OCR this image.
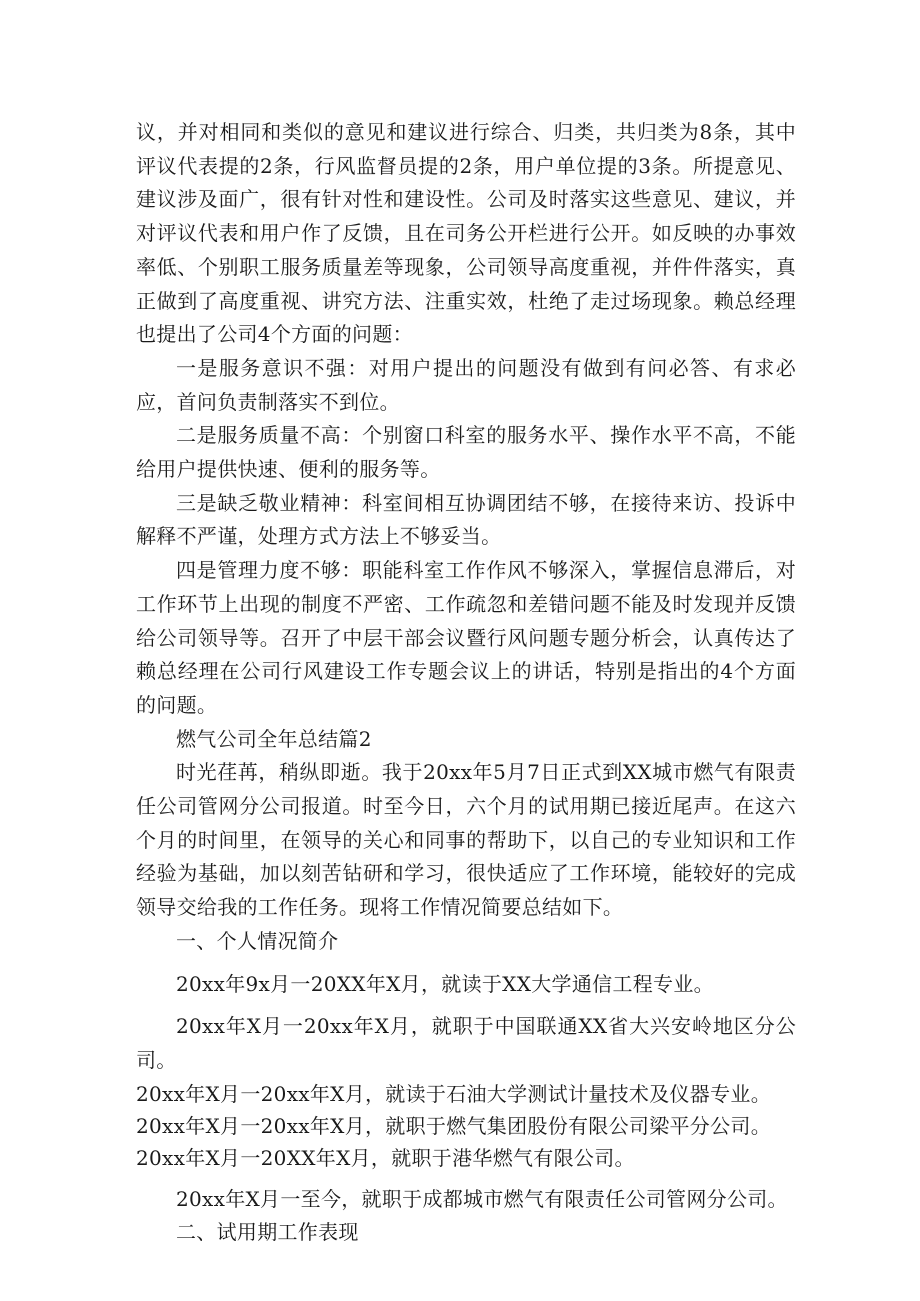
议，并对相同和类似的意见和建议进行综合、归类，共归类为8条，其中评议代表提的2条，行风监督员提的2条，用户单位提的3条。所提意见、建议涉及面广，很有针对性和建设性。公司及时落实这些意见、建议，并对评议代表和用户作了反馈，且在司务公开栏进行公开。如反映的办事效率低、个别职工服务质量差等现象，公司领导高度重视，并件件落实，真正做到了高度重视、讲究方法、注重实效，杜绝了走过场现象。赖总经理也提出了公司4个方面的问题：

一是服务意识不强：对用户提出的问题没有做到有问必答、有求必应，首问负责制落实不到位。

二是服务质量不高：个别窗口科室的服务水平、操作水平不高，不能给用户提供快速、便利的服务等。

三是缺乏敬业精神：科室间相互协调团结不够，在接待来访、投诉中解释不严谨，处理方式方法上不够妥当。

四是管理力度不够：职能科室工作作风不够深入，掌握信息滞后，对工作环节上出现的制度不严密、工作疏忽和差错问题不能及时发现并反馈给公司领导等。召开了中层干部会议暨行风问题专题分析会，认真传达了赖总经理在公司行风建设工作专题会议上的讲话，特别是指出的4个方面的问题。

燃气公司全年总结篇2

时光荏苒，稍纵即逝。我于20xx年5月7日正式到XX城市燃气有限责任公司管网分公司报道。时至今日，六个月的试用期已接近尾声。在这六个月的时间里，在领导的关心和同事的帮助下，以自己的专业知识和工作经验为基础，加以刻苦钻研和学习，很快适应了工作环境，能较好的完成领导交给我的工作任务。现将工作情况简要总结如下。

一、个人情况简介

20xx年9x月一20XX年X月，就读于XX大学通信工程专业。

20xx年X月一20xx年X月，就职于中国联通XX省大兴安岭地区分公司。

20xx年X月一20xx年X月，就读于石油大学测试计量技术及仪器专业。

20xx年X月一20xx年X月，就职于燃气集团股份有限公司梁平分公司。

20xx年X月一20XX年X月，就职于港华燃气有限公司。

20xx年X月一至今，就职于成都城市燃气有限责任公司管网分公司。

二、试用期工作表现
